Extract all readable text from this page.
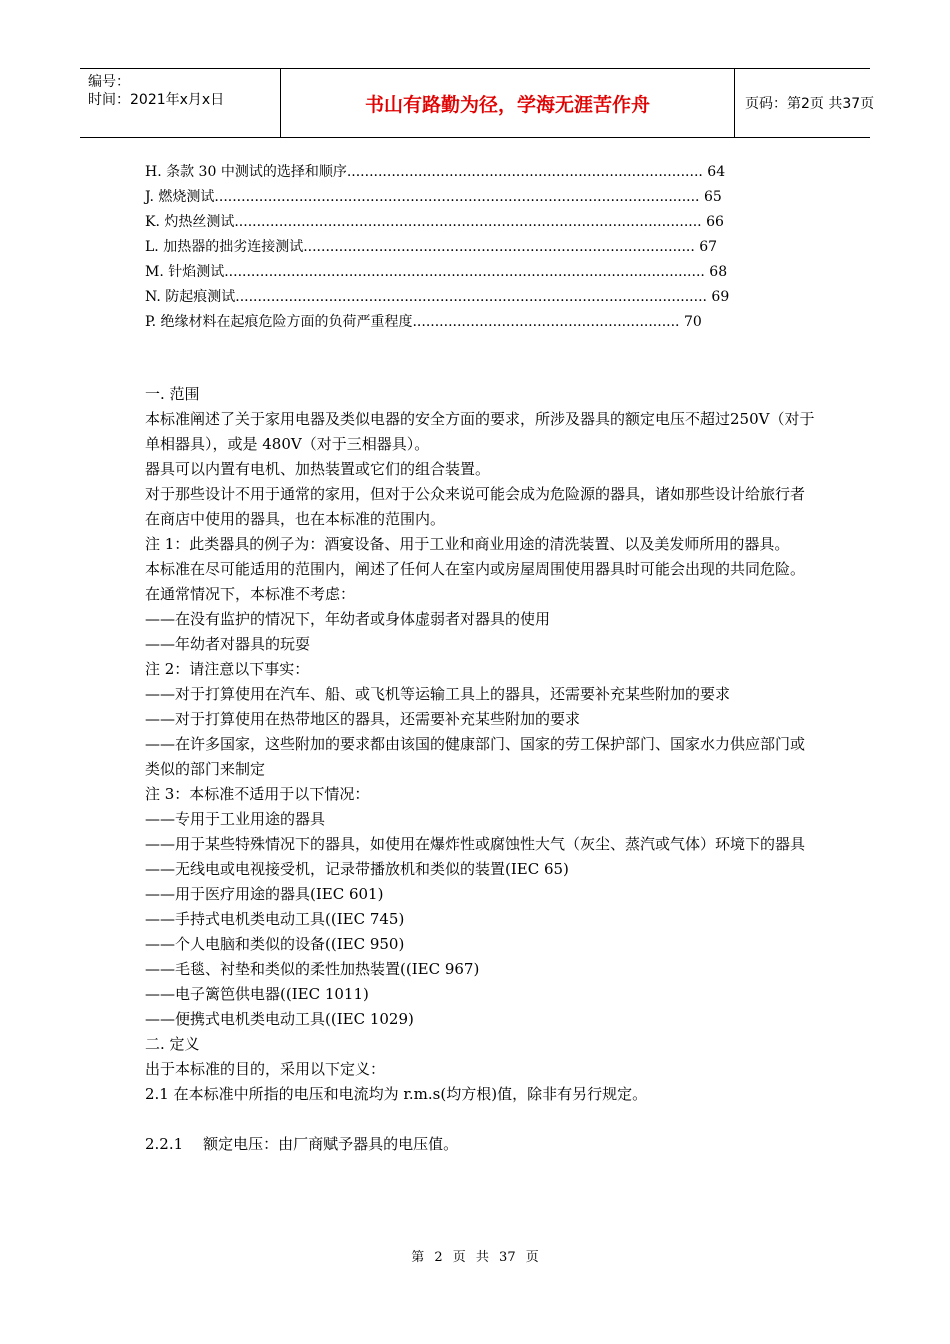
编号：
时间：2021年x月x日	书山有路勤为径，学海无涯苦作舟	页码：第2页 共37页
H. 条款 30 中测试的选择和顺序................................................................................ 64
J. 燃烧测试............................................................................................................. 65
K. 灼热丝测试......................................................................................................... 66
L. 加热器的拙劣连接测试........................................................................................ 67
M. 针焰测试............................................................................................................ 68
N. 防起痕测试.......................................................................................................... 69
P. 绝缘材料在起痕危险方面的负荷严重程度............................................................ 70

一. 范围

本标准阐述了关于家用电器及类似电器的安全方面的要求，所涉及器具的额定电压不超过250V（对于单相器具），或是 480V（对于三相器具）。

器具可以内置有电机、加热装置或它们的组合装置。

对于那些设计不用于通常的家用，但对于公众来说可能会成为危险源的器具，诸如那些设计给旅行者在商店中使用的器具，也在本标准的范围内。

注 1：此类器具的例子为：酒宴设备、用于工业和商业用途的清洗装置、以及美发师所用的器具。

本标准在尽可能适用的范围内，阐述了任何人在室内或房屋周围使用器具时可能会出现的共同危险。

在通常情况下，本标准不考虑：

——在没有监护的情况下，年幼者或身体虚弱者对器具的使用

——年幼者对器具的玩耍

注 2：请注意以下事实：

——对于打算使用在汽车、船、或飞机等运输工具上的器具，还需要补充某些附加的要求

——对于打算使用在热带地区的器具，还需要补充某些附加的要求

——在许多国家，这些附加的要求都由该国的健康部门、国家的劳工保护部门、国家水力供应部门或类似的部门来制定

注 3：本标准不适用于以下情况：

——专用于工业用途的器具

——用于某些特殊情况下的器具，如使用在爆炸性或腐蚀性大气（灰尘、蒸汽或气体）环境下的器具

——无线电或电视接受机，记录带播放机和类似的装置(IEC 65)

——用于医疗用途的器具(IEC 601)

——手持式电机类电动工具((IEC 745)

——个人电脑和类似的设备((IEC 950)

——毛毯、衬垫和类似的柔性加热装置((IEC 967)

——电子篱笆供电器((IEC 1011)

——便携式电机类电动工具((IEC 1029)

二. 定义

出于本标准的目的，采用以下定义：

2.1 在本标准中所指的电压和电流均为 r.m.s(均方根)值，除非有另行规定。

2.2.1 额定电压：由厂商赋予器具的电压值。

第 2 页 共 37 页
